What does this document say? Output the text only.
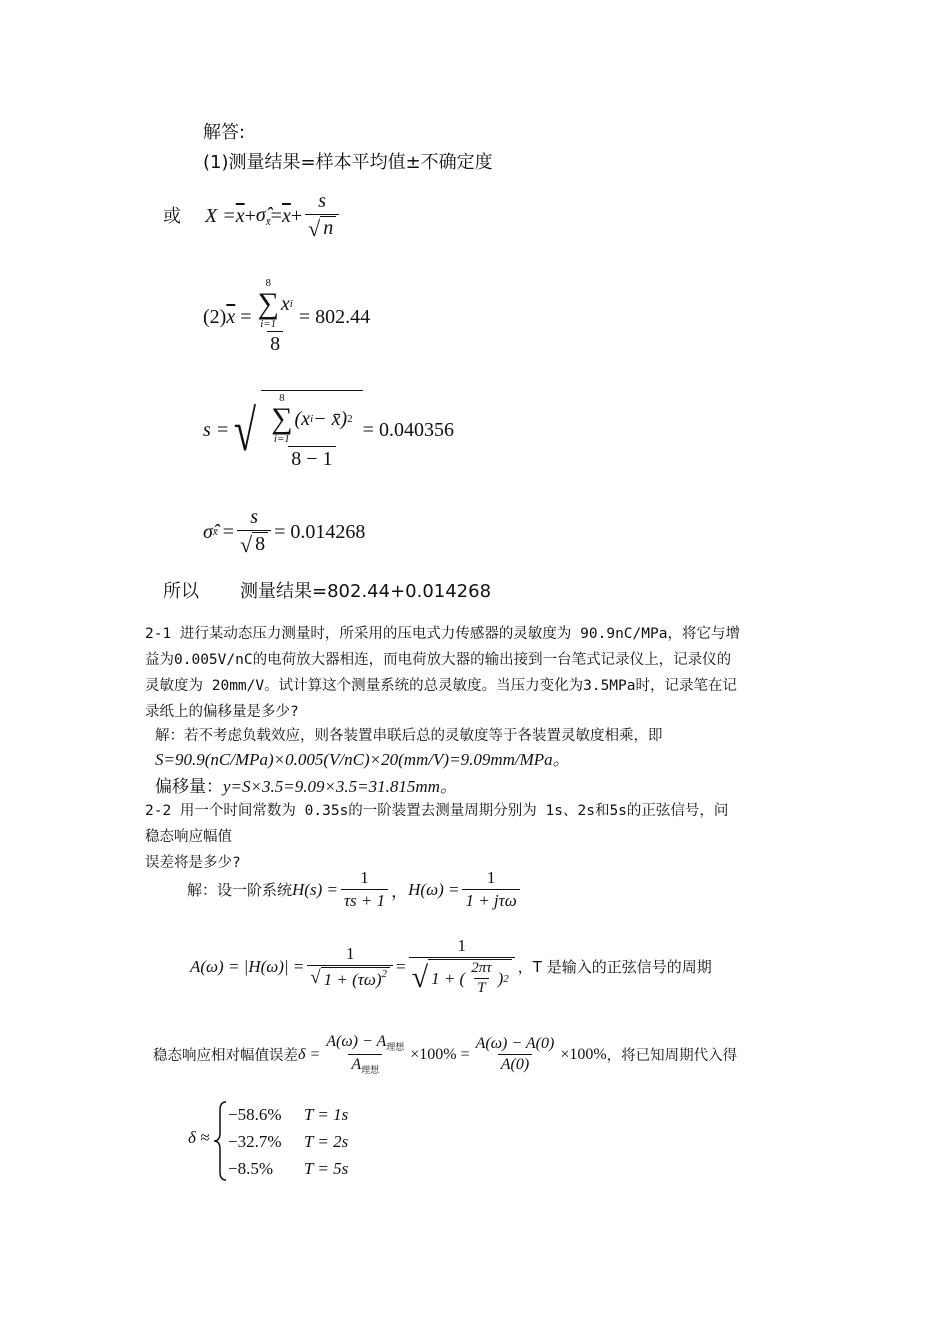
解答:
(1)测量结果=样本平均值±不确定度
或 $X = \overline{x}$ + $\sigmâ_{x̄} = \overline{x} + \frac{s}{√ n}$
(2) $\overline{x} = 8$
∑
i=1
x i
8 = 802.44
s = √ 8
∑
i=1
(x i − x̄) 2
8 − 1
= 0.040356
σ̂ x̄ = $\frac{s}{√ 8} = 0.014268$
所以 测量结果=802.44+0.014268
2-1 进行某动态压力测量时，所采用的压电式力传感器的灵敏度为 90.9nC/MPa，将它与增
益为0.005V/nC的电荷放大器相连，而电荷放大器的输出接到一台笔式记录仪上，记录仪的
灵敏度为 20mm/V。试计算这个测量系统的总灵敏度。当压力变化为3.5MPa时，记录笔在记
录纸上的偏移量是多少?
解：若不考虑负载效应，则各装置串联后总的灵敏度等于各装置灵敏度相乘，即
S=90.9(nC/MPa)×0.005(V/nC)×20(mm/V)=9.09mm/MPa。
偏移量：y=S×3.5=9.09×3.5=31.815mm。
2-2 用一个时间常数为 0.35s的一阶装置去测量周期分别为 1s、2s和5s的正弦信号，问
稳态响应幅值
误差将是多少?
解：设一阶系统 $H(s) = \frac{1}{\tau s + 1}$ ， $H(\omega) = \frac{1}{\text{1 + jτω}}$
$A(\omega) = |H(\omega)| = \frac{1}{√ 1 + (\tau\omega)^2} = \frac{1}{√ 1 + ( \frac{2\pi\tau}{T} ) 2}$ ，T 是输入的正弦信号的周期
稳态响应相对幅值误差 $\delta = \frac{A(\omega) - A_{理想}}{A_{理想}} \times 100\% = \frac{A(\omega) - A(0)}{A(0)} \times 100\%$ ，将已知周期代入得
δ ≈
−58.6% T = 1s
−32.7% T = 2s
−8.5% T = 5s
